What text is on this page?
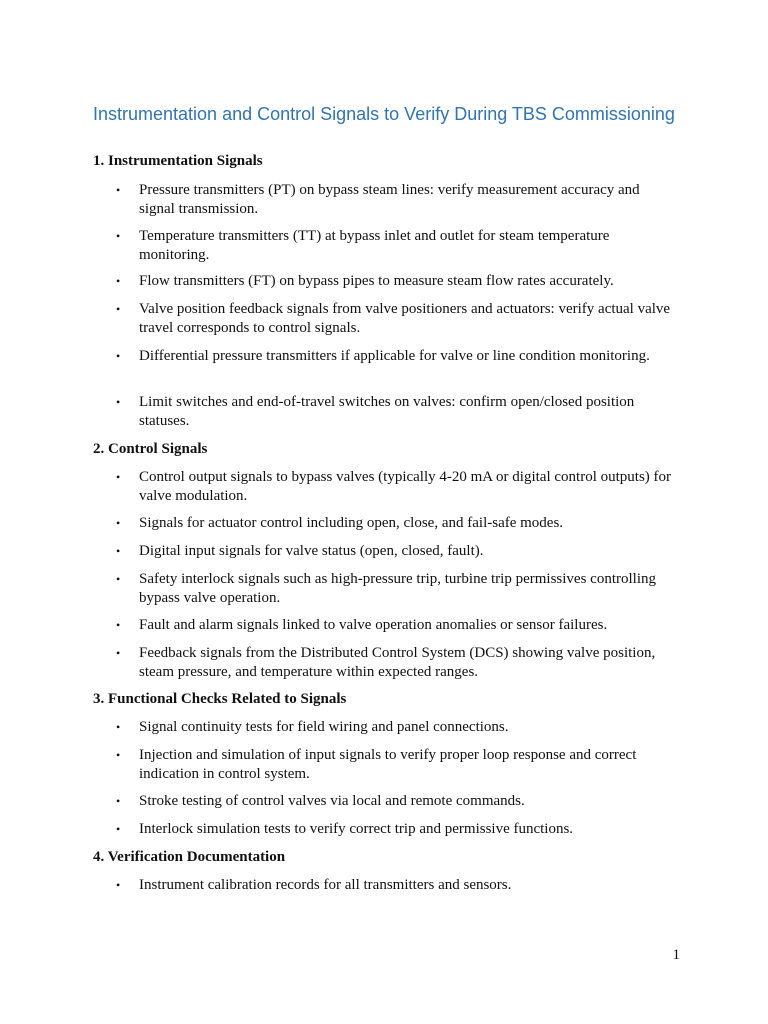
Instrumentation and Control Signals to Verify During TBS Commissioning
1. Instrumentation Signals
•	Pressure transmitters (PT) on bypass steam lines: verify measurement accuracy and signal transmission.
•	Temperature transmitters (TT) at bypass inlet and outlet for steam temperature monitoring.
•	Flow transmitters (FT) on bypass pipes to measure steam flow rates accurately.
•	Valve position feedback signals from valve positioners and actuators: verify actual valve travel corresponds to control signals.
•	Differential pressure transmitters if applicable for valve or line condition monitoring.
•	Limit switches and end-of-travel switches on valves: confirm open/closed position statuses.
2. Control Signals
•	Control output signals to bypass valves (typically 4-20 mA or digital control outputs) for valve modulation.
•	Signals for actuator control including open, close, and fail-safe modes.
•	Digital input signals for valve status (open, closed, fault).
•	Safety interlock signals such as high-pressure trip, turbine trip permissives controlling bypass valve operation.
•	Fault and alarm signals linked to valve operation anomalies or sensor failures.
•	Feedback signals from the Distributed Control System (DCS) showing valve position, steam pressure, and temperature within expected ranges.
3. Functional Checks Related to Signals
•	Signal continuity tests for field wiring and panel connections.
•	Injection and simulation of input signals to verify proper loop response and correct indication in control system.
•	Stroke testing of control valves via local and remote commands.
•	Interlock simulation tests to verify correct trip and permissive functions.
4. Verification Documentation
•	Instrument calibration records for all transmitters and sensors.
1
